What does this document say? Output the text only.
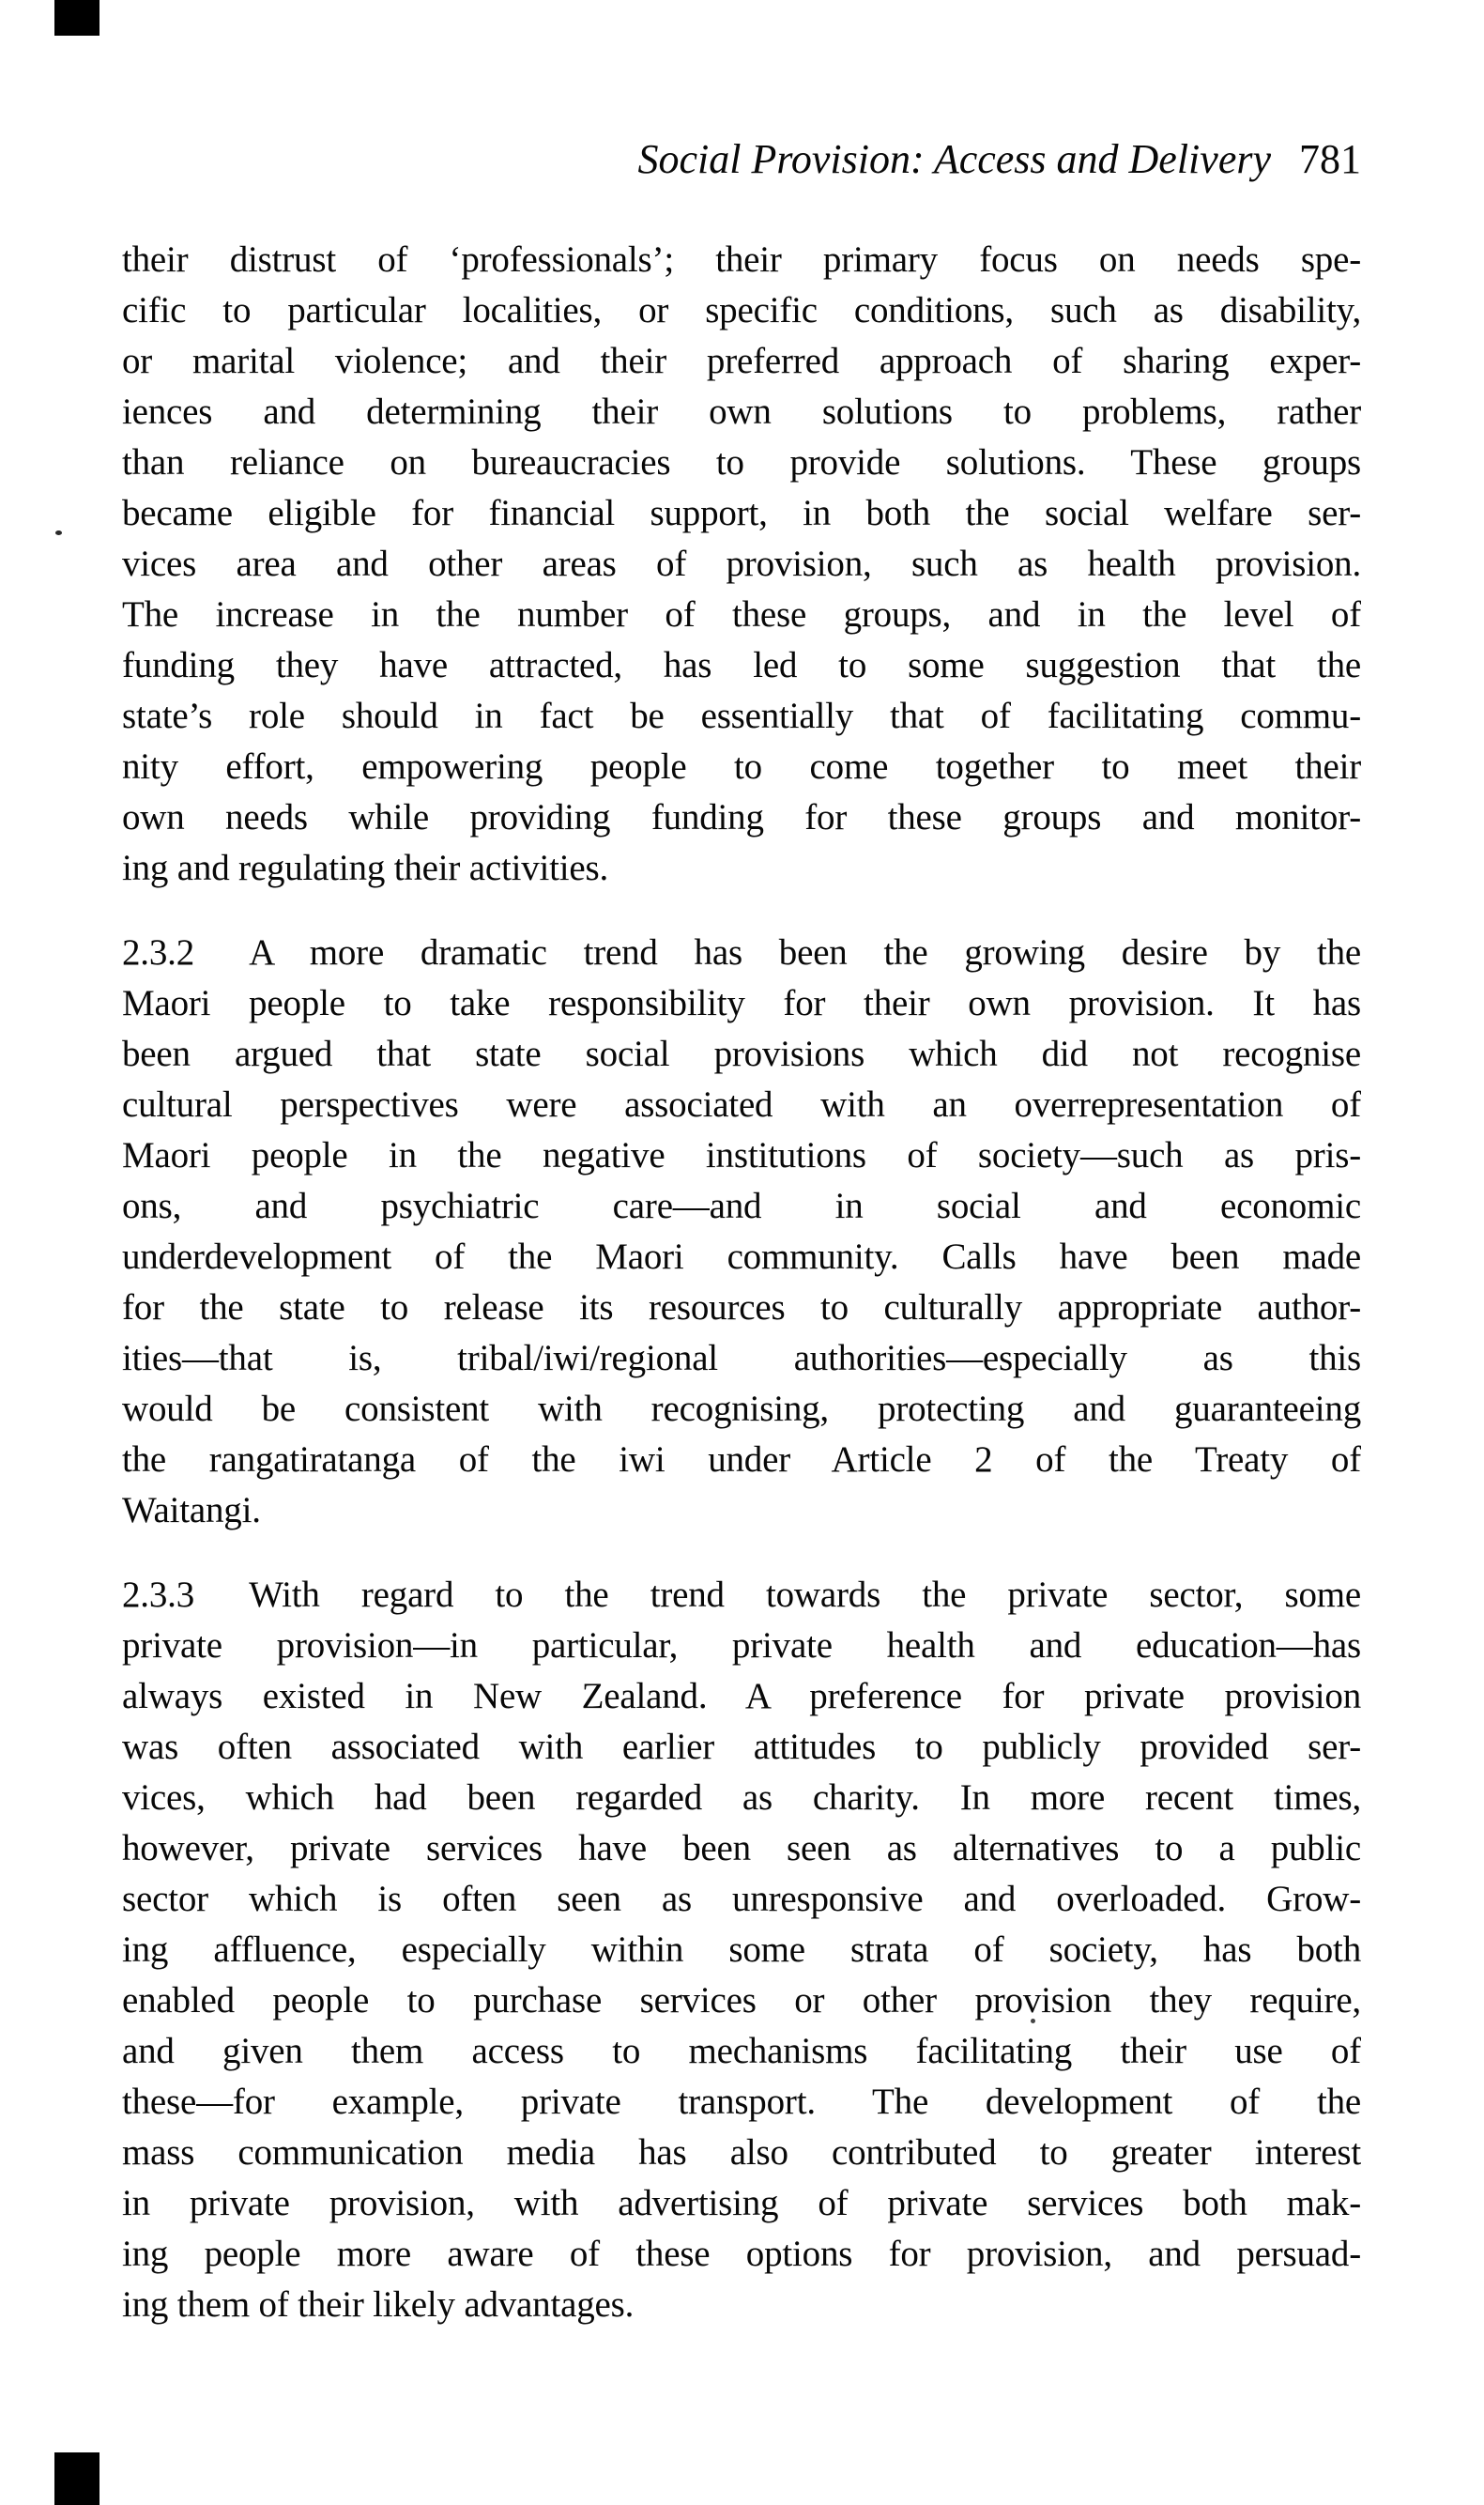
Social Provision: Access and Delivery 781
their distrust of ‘professionals’; their primary focus on needs spe-
cific to particular localities, or specific conditions, such as disability,
or marital violence; and their preferred approach of sharing exper-
iences and determining their own solutions to problems, rather
than reliance on bureaucracies to provide solutions. These groups
became eligible for financial support, in both the social welfare ser-
vices area and other areas of provision, such as health provision.
The increase in the number of these groups, and in the level of
funding they have attracted, has led to some suggestion that the
state’s role should in fact be essentially that of facilitating commu-
nity effort, empowering people to come together to meet their
own needs while providing funding for these groups and monitor-
ing and regulating their activities.
2.3.2  A more dramatic trend has been the growing desire by the
Maori people to take responsibility for their own provision. It has
been argued that state social provisions which did not recognise
cultural perspectives were associated with an overrepresentation of
Maori people in the negative institutions of society—such as pris-
ons, and psychiatric care—and in social and economic
underdevelopment of the Maori community. Calls have been made
for the state to release its resources to culturally appropriate author-
ities—that is, tribal/iwi/regional authorities—especially as this
would be consistent with recognising, protecting and guaranteeing
the rangatiratanga of the iwi under Article 2 of the Treaty of
Waitangi.
2.3.3  With regard to the trend towards the private sector, some
private provision—in particular, private health and education—has
always existed in New Zealand. A preference for private provision
was often associated with earlier attitudes to publicly provided ser-
vices, which had been regarded as charity. In more recent times,
however, private services have been seen as alternatives to a public
sector which is often seen as unresponsive and overloaded. Grow-
ing affluence, especially within some strata of society, has both
enabled people to purchase services or other provision they require,
and given them access to mechanisms facilitating their use of
these—for example, private transport. The development of the
mass communication media has also contributed to greater interest
in private provision, with advertising of private services both mak-
ing people more aware of these options for provision, and persuad-
ing them of their likely advantages.
